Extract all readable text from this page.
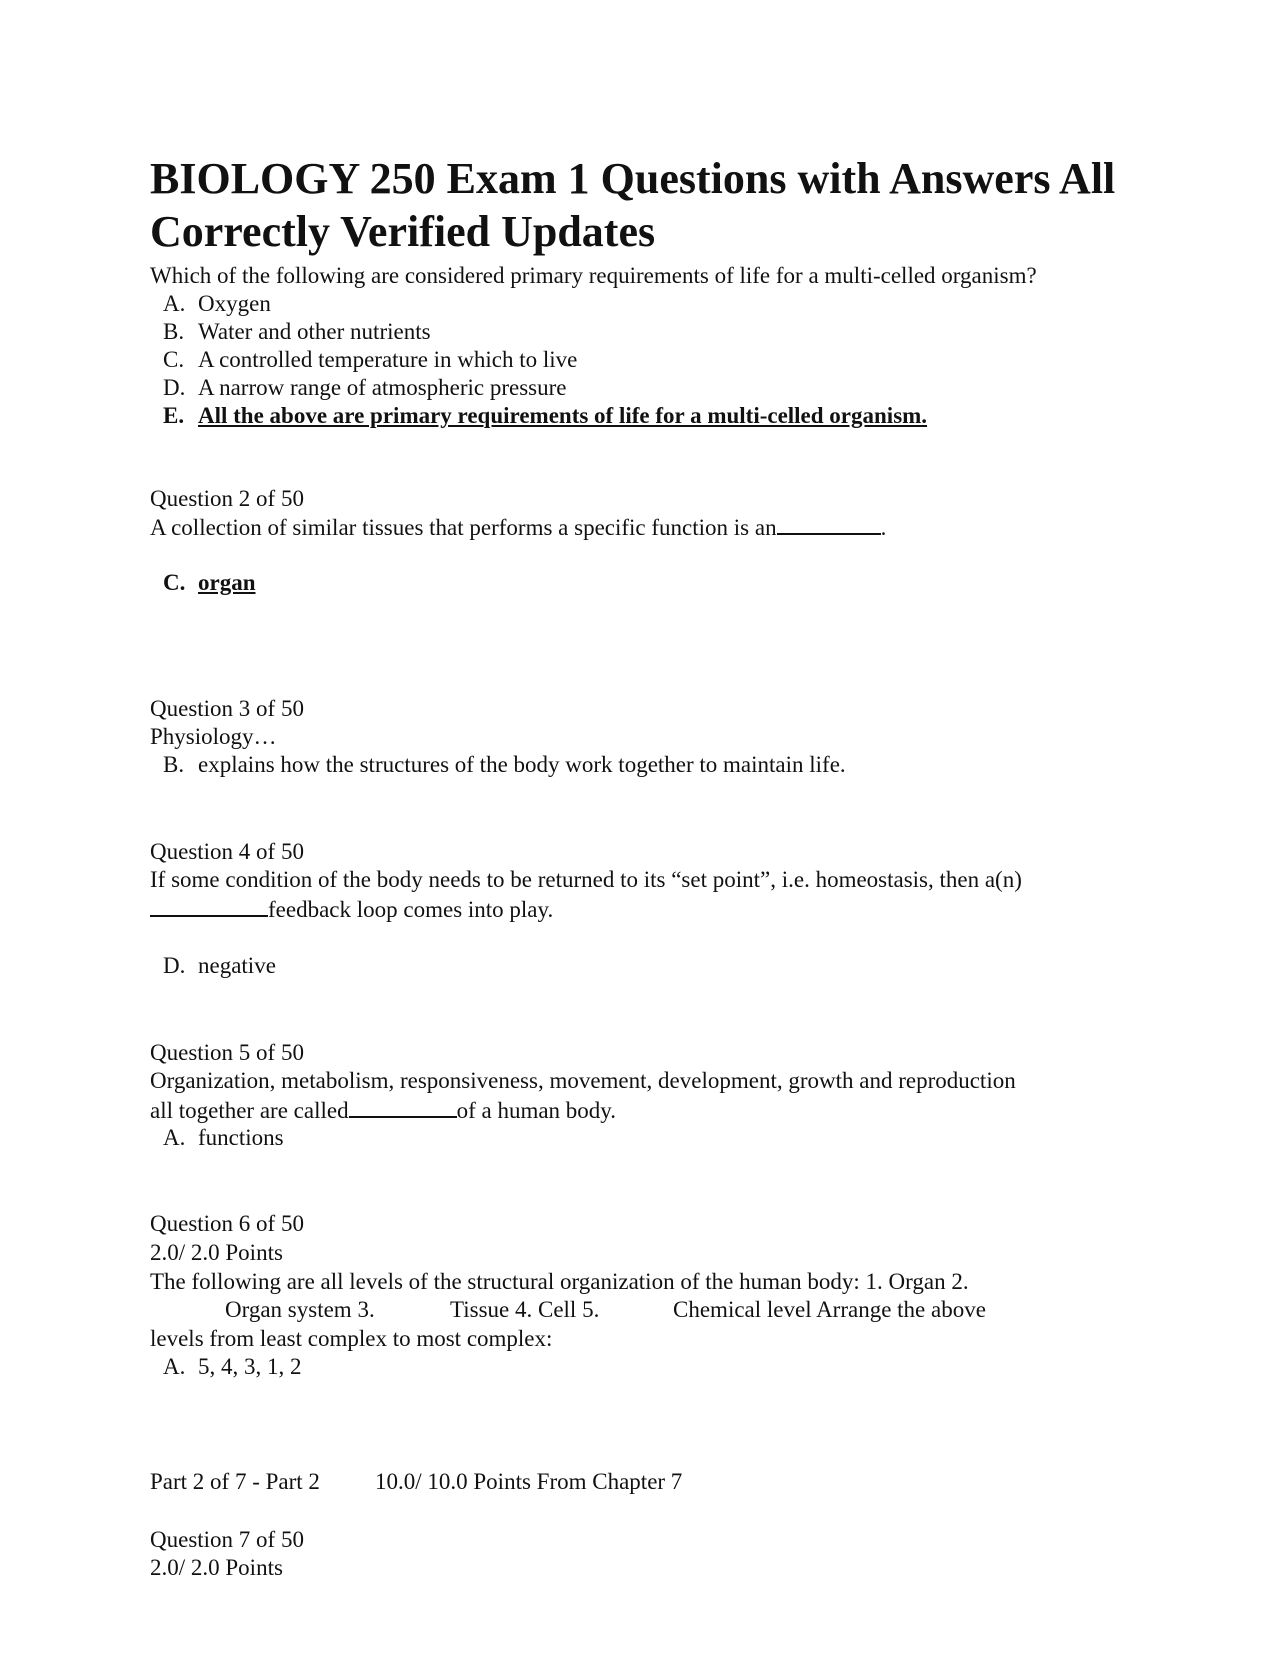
BIOLOGY 250 Exam 1 Questions with Answers All Correctly Verified Updates
Which of the following are considered primary requirements of life for a multi-celled organism?
A. Oxygen
B. Water and other nutrients
C. A controlled temperature in which to live
D. A narrow range of atmospheric pressure
E. All the above are primary requirements of life for a multi-celled organism.
Question 2 of 50
A collection of similar tissues that performs a specific function is an	.
C. organ
Question 3 of 50
Physiology…
B. explains how the structures of the body work together to maintain life.
Question 4 of 50
If some condition of the body needs to be returned to its “set point”, i.e. homeostasis, then a(n)
feedback loop comes into play.
D. negative
Question 5 of 50
Organization, metabolism, responsiveness, movement, development, growth and reproduction
all together are called	of a human body.
A. functions
Question 6 of 50
2.0/ 2.0 Points
The following are all levels of the structural organization of the human body: 1. Organ 2.
Organ system 3.	Tissue 4. Cell 5.	Chemical level Arrange the above
levels from least complex to most complex:
A. 5, 4, 3, 1, 2
Part 2 of 7 - Part 2 10.0/ 10.0 Points From Chapter 7
Question 7 of 50
2.0/ 2.0 Points
